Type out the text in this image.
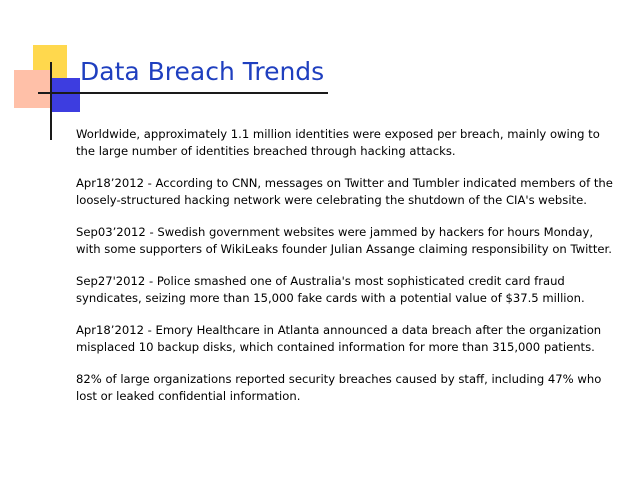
Data Breach Trends

Worldwide, approximately 1.1 million identities were exposed per breach, mainly owing to the large number of identities breached through hacking attacks.

Apr18’2012 - According to CNN, messages on Twitter and Tumbler indicated members of the loosely-structured hacking network were celebrating the shutdown of the CIA's website.

Sep03’2012 - Swedish government websites were jammed by hackers for hours Monday, with some supporters of WikiLeaks founder Julian Assange claiming responsibility on Twitter.

Sep27'2012 - Police smashed one of Australia's most sophisticated credit card fraud syndicates, seizing more than 15,000 fake cards with a potential value of $37.5 million.

Apr18’2012 - Emory Healthcare in Atlanta announced a data breach after the organization misplaced 10 backup disks, which contained information for more than 315,000 patients.

82% of large organizations reported security breaches caused by staff, including 47% who lost or leaked confidential information.
